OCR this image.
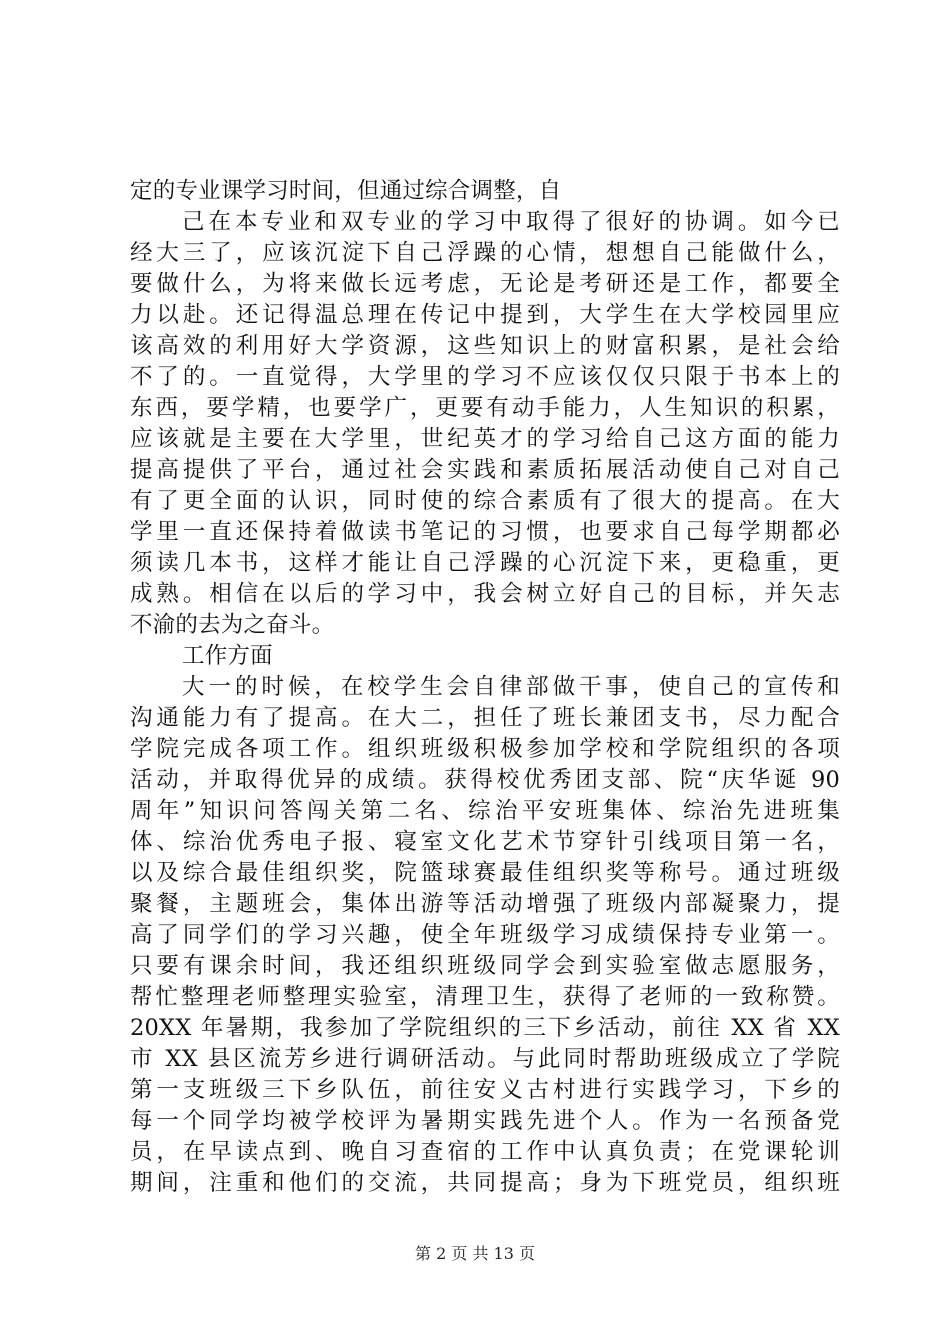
定的专业课学习时间，但通过综合调整，自
己在本专业和双专业的学习中取得了很好的协调。如今已
经大三了，应该沉淀下自己浮躁的心情，想想自己能做什么，
要做什么，为将来做长远考虑，无论是考研还是工作，都要全
力以赴。还记得温总理在传记中提到，大学生在大学校园里应
该高效的利用好大学资源，这些知识上的财富积累，是社会给
不了的。一直觉得，大学里的学习不应该仅仅只限于书本上的
东西，要学精，也要学广，更要有动手能力，人生知识的积累，
应该就是主要在大学里，世纪英才的学习给自己这方面的能力
提高提供了平台，通过社会实践和素质拓展活动使自己对自己
有了更全面的认识，同时使的综合素质有了很大的提高。在大
学里一直还保持着做读书笔记的习惯，也要求自己每学期都必
须读几本书，这样才能让自己浮躁的心沉淀下来，更稳重，更
成熟。相信在以后的学习中，我会树立好自己的目标，并矢志
不渝的去为之奋斗。
工作方面
大一的时候，在校学生会自律部做干事，使自己的宣传和
沟通能力有了提高。在大二，担任了班长兼团支书，尽力配合
学院完成各项工作。组织班级积极参加学校和学院组织的各项
活动，并取得优异的成绩。获得校优秀团支部、院“庆华诞 90
周年”知识问答闯关第二名、综治平安班集体、综治先进班集
体、综治优秀电子报、寝室文化艺术节穿针引线项目第一名，
以及综合最佳组织奖，院篮球赛最佳组织奖等称号。通过班级
聚餐，主题班会，集体出游等活动增强了班级内部凝聚力，提
高了同学们的学习兴趣，使全年班级学习成绩保持专业第一。
只要有课余时间，我还组织班级同学会到实验室做志愿服务，
帮忙整理老师整理实验室，清理卫生，获得了老师的一致称赞。
20XX 年暑期，我参加了学院组织的三下乡活动，前往 XX 省 XX
市 XX 县区流芳乡进行调研活动。与此同时帮助班级成立了学院
第一支班级三下乡队伍，前往安义古村进行实践学习，下乡的
每一个同学均被学校评为暑期实践先进个人。作为一名预备党
员，在早读点到、晚自习查宿的工作中认真负责；在党课轮训
期间，注重和他们的交流，共同提高；身为下班党员，组织班
第 2 页 共 13 页
